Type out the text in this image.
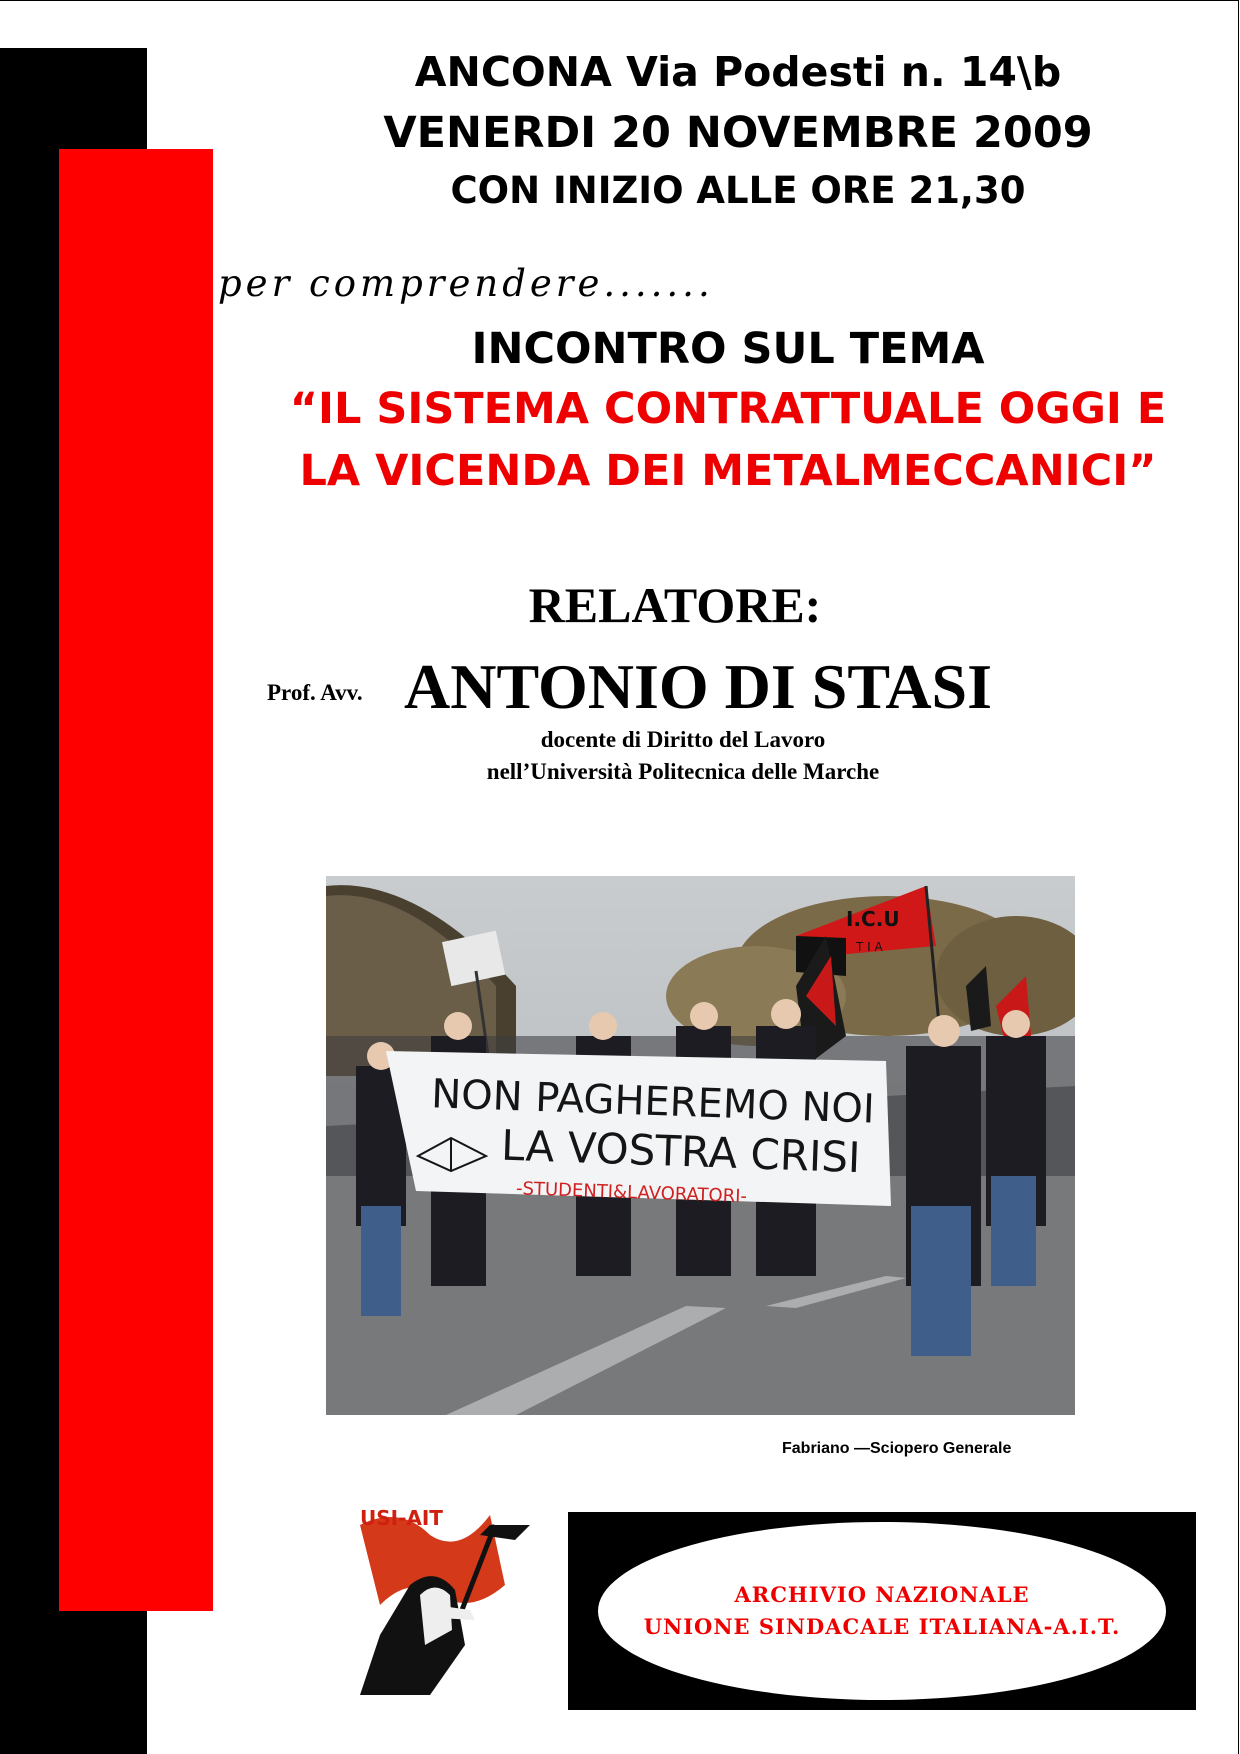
ANCONA Via Podesti n. 14\b
VENERDI 20 NOVEMBRE 2009
CON INIZIO ALLE ORE 21,30
per comprendere.......
INCONTRO SUL TEMA
“IL SISTEMA CONTRATTUALE OGGI E
LA VICENDA DEI METALMECCANICI”
RELATORE:
Prof. Avv. ANTONIO DI STASI
docente di Diritto del Lavoro
nell’Università Politecnica delle Marche
NON PAGHEREMO NOI
LA VOSTRA CRISI
-STUDENTI&LAVORATORI-
I.C.U
T I A
Fabriano —Sciopero Generale
USI-AIT
ARCHIVIO NAZIONALE
UNIONE SINDACALE ITALIANA-A.I.T.
